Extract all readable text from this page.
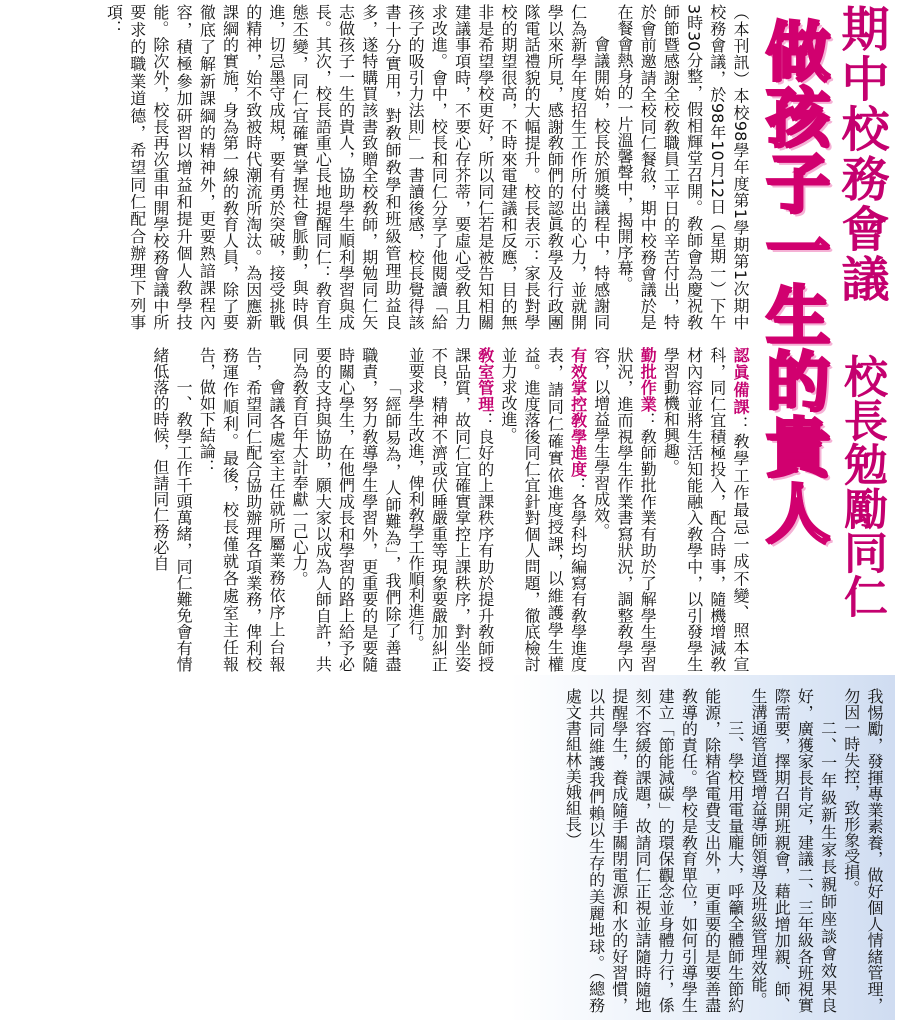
期中校務會議
校長勉勵同仁
做孩子一生的貴人

（本刊訊）本校98學年度第1學期第1次期中校務會議，於98年10月12日（星期一）下午3時30分整，假相輝堂召開。敎師會為慶祝敎師節暨感謝全校敎職員工平日的辛苦付出，特於會前邀請全校同仁餐敘，期中校務會議於是在餐會熱身的一片溫馨聲中，揭開序幕。

會議開始，校長於頒獎議程中，特感謝同仁為新學年度招生工作所付出的心力，並就開學以來所見，感謝敎師們的認眞敎學及行政團隊電話禮貌的大幅提升。校長表示：家長對學校的期望很高，不時來電建議和反應，目的無非是希望學校更好，所以同仁若是被告知相關建議事項時，不要心存芥蒂，要虛心受敎且力求改進。會中，校長和同仁分享了他閱讀「給孩子的吸引力法則」一書讀後感，校長覺得該書十分實用，對敎師敎學和班級管理助益良多，遂特購買該書致贈全校敎師，期勉同仁矢志做孩子一生的貴人，協助學生順利學習與成長。其次，校長語重心長地提醒同仁：敎育生態丕變，同仁宜確實掌握社會脈動，與時俱進，切忌墨守成規，要有勇於突破，接受挑戰的精神，始不致被時代潮流所淘汰。為因應新課綱的實施，身為第一線的敎育人員，除了要徹底了解新課綱的精神外，更要熟諳課程內容，積極參加研習以增益和提升個人敎學技能。除次外，校長再次重申開學校務會議中所要求的職業道德，希望同仁配合辦理下列事項：

認眞備課：敎學工作最忌一成不變、照本宣科，同仁宜積極投入，配合時事，隨機增減敎材內容並將生活知能融入敎學中，以引發學生學習動機和興趣。

勤批作業：敎師勤批作業有助於了解學生學習狀況，進而視學生作業書寫狀況，調整敎學內容，以增益學生學習成效。

有效掌控敎學進度：各學科均編寫有敎學進度表，請同仁確實依進度授課，以維護學生權益。進度落後同仁宜針對個人問題，徹底檢討並力求改進。

敎室管理：良好的上課秩序有助於提升敎師授課品質，故同仁宜確實掌控上課秩序，對坐姿不良，精神不濟或伏睡嚴重等現象要嚴加糾正並要求學生改進，俾利敎學工作順利進行。

「經師易為，人師難為」，我們除了善盡職責，努力敎導學生學習外，更重要的是要隨時關心學生，在他們成長和學習的路上給予必要的支持與協助，願大家以成為人師自許，共同為敎育百年大計奉獻一己心力。

會議各處室主任就所屬業務依序上台報告，希望同仁配合協助辦理各項業務，俾利校務運作順利。最後，校長僅就各處室主任報告，做如下結論：

一、敎學工作千頭萬緒，同仁難免會有情緒低落的時候，但請同仁務必自

我惕勵，發揮專業素養，做好個人情緒管理，勿因一時失控，致形象受損。

二、一年級新生家長親師座談會效果良好，廣獲家長肯定，建議二、三年級各班視實際需要，擇期召開班親會，藉此增加親、師、生溝通管道暨增益導師領導及班級管理效能。

三、學校用電量龐大，呼籲全體師生節約能源，除精省電費支出外，更重要的是要善盡敎導的責任。學校是敎育單位，如何引導學生建立「節能減碳」的環保觀念並身體力行，係刻不容緩的課題，故請同仁正視並請隨時隨地提醒學生，養成隨手關閉電源和水的好習慣，以共同維護我們賴以生存的美麗地球。（總務處文書組林美娥組長）
